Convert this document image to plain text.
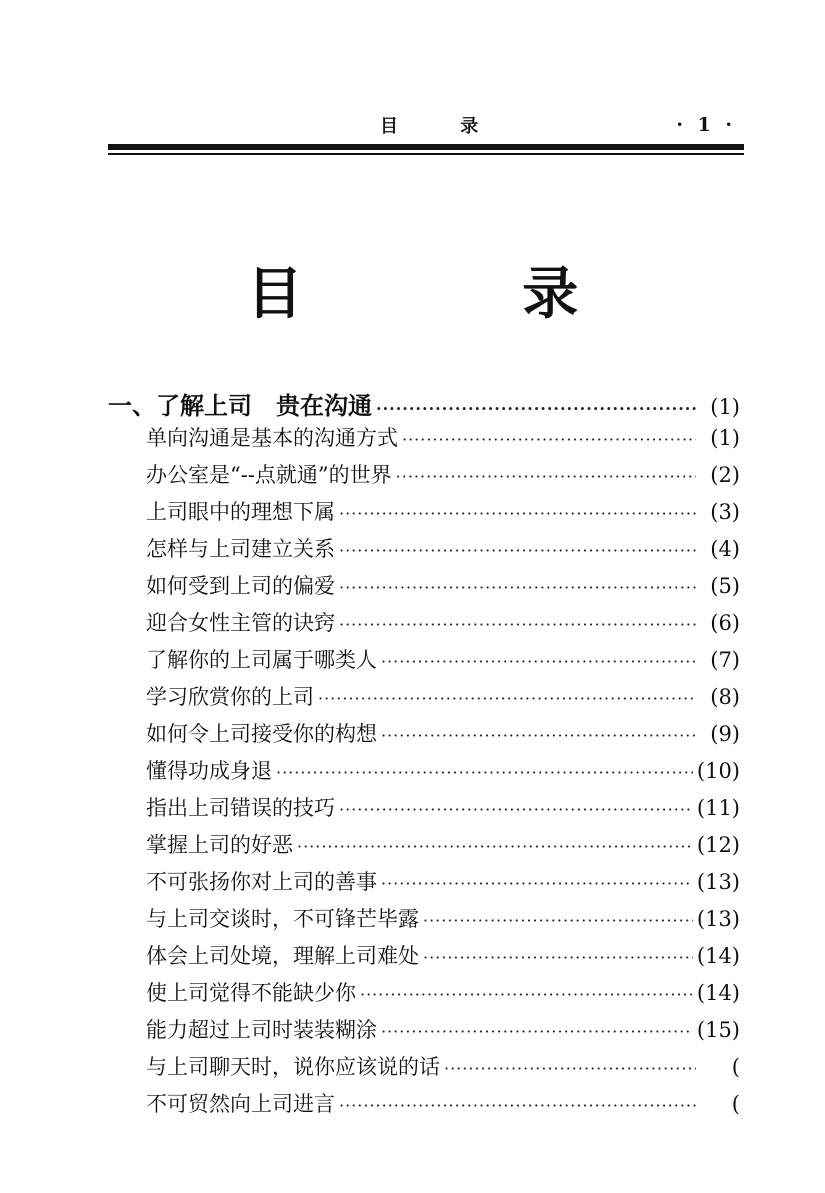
目 录	· 1 ·
目 录
一、了解上司　贵在沟通 ·····	(1)
单向沟通是基本的沟通方式 ·····	(1)
办公室是“--点就通”的世界 ·····	(2)
上司眼中的理想下属 ·····	(3)
怎样与上司建立关系 ·····	(4)
如何受到上司的偏爱 ·····	(5)
迎合女性主管的诀窍 ·····	(6)
了解你的上司属于哪类人 ·····	(7)
学习欣赏你的上司 ·····	(8)
如何令上司接受你的构想 ·····	(9)
懂得功成身退 ·····	(10)
指出上司错误的技巧 ·····	(11)
掌握上司的好恶 ·····	(12)
不可张扬你对上司的善事 ·····	(13)
与上司交谈时，不可锋芒毕露 ·····	(13)
体会上司处境，理解上司难处 ·····	(14)
使上司觉得不能缺少你 ·····	(14)
能力超过上司时装装糊涂 ·····	(15)
与上司聊天时，说你应该说的话 ·····	(
不可贸然向上司进言 ·····	(
